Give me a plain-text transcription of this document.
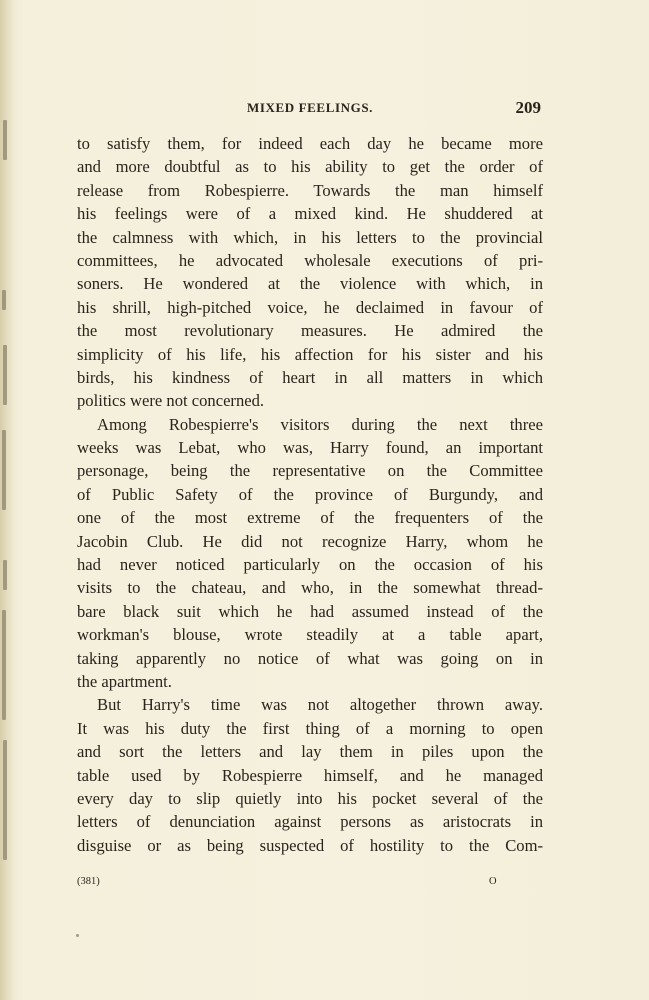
MIXED FEELINGS.	209
to satisfy them, for indeed each day he became more
and more doubtful as to his ability to get the order of
release from Robespierre. Towards the man himself
his feelings were of a mixed kind. He shuddered at
the calmness with which, in his letters to the provincial
committees, he advocated wholesale executions of pri-
soners. He wondered at the violence with which, in
his shrill, high-pitched voice, he declaimed in favour of
the most revolutionary measures. He admired the
simplicity of his life, his affection for his sister and his
birds, his kindness of heart in all matters in which
politics were not concerned.
Among Robespierre's visitors during the next three
weeks was Lebat, who was, Harry found, an important
personage, being the representative on the Committee
of Public Safety of the province of Burgundy, and
one of the most extreme of the frequenters of the
Jacobin Club. He did not recognize Harry, whom he
had never noticed particularly on the occasion of his
visits to the chateau, and who, in the somewhat thread-
bare black suit which he had assumed instead of the
workman's blouse, wrote steadily at a table apart,
taking apparently no notice of what was going on in
the apartment.
But Harry's time was not altogether thrown away.
It was his duty the first thing of a morning to open
and sort the letters and lay them in piles upon the
table used by Robespierre himself, and he managed
every day to slip quietly into his pocket several of the
letters of denunciation against persons as aristocrats in
disguise or as being suspected of hostility to the Com-
(381)	O
